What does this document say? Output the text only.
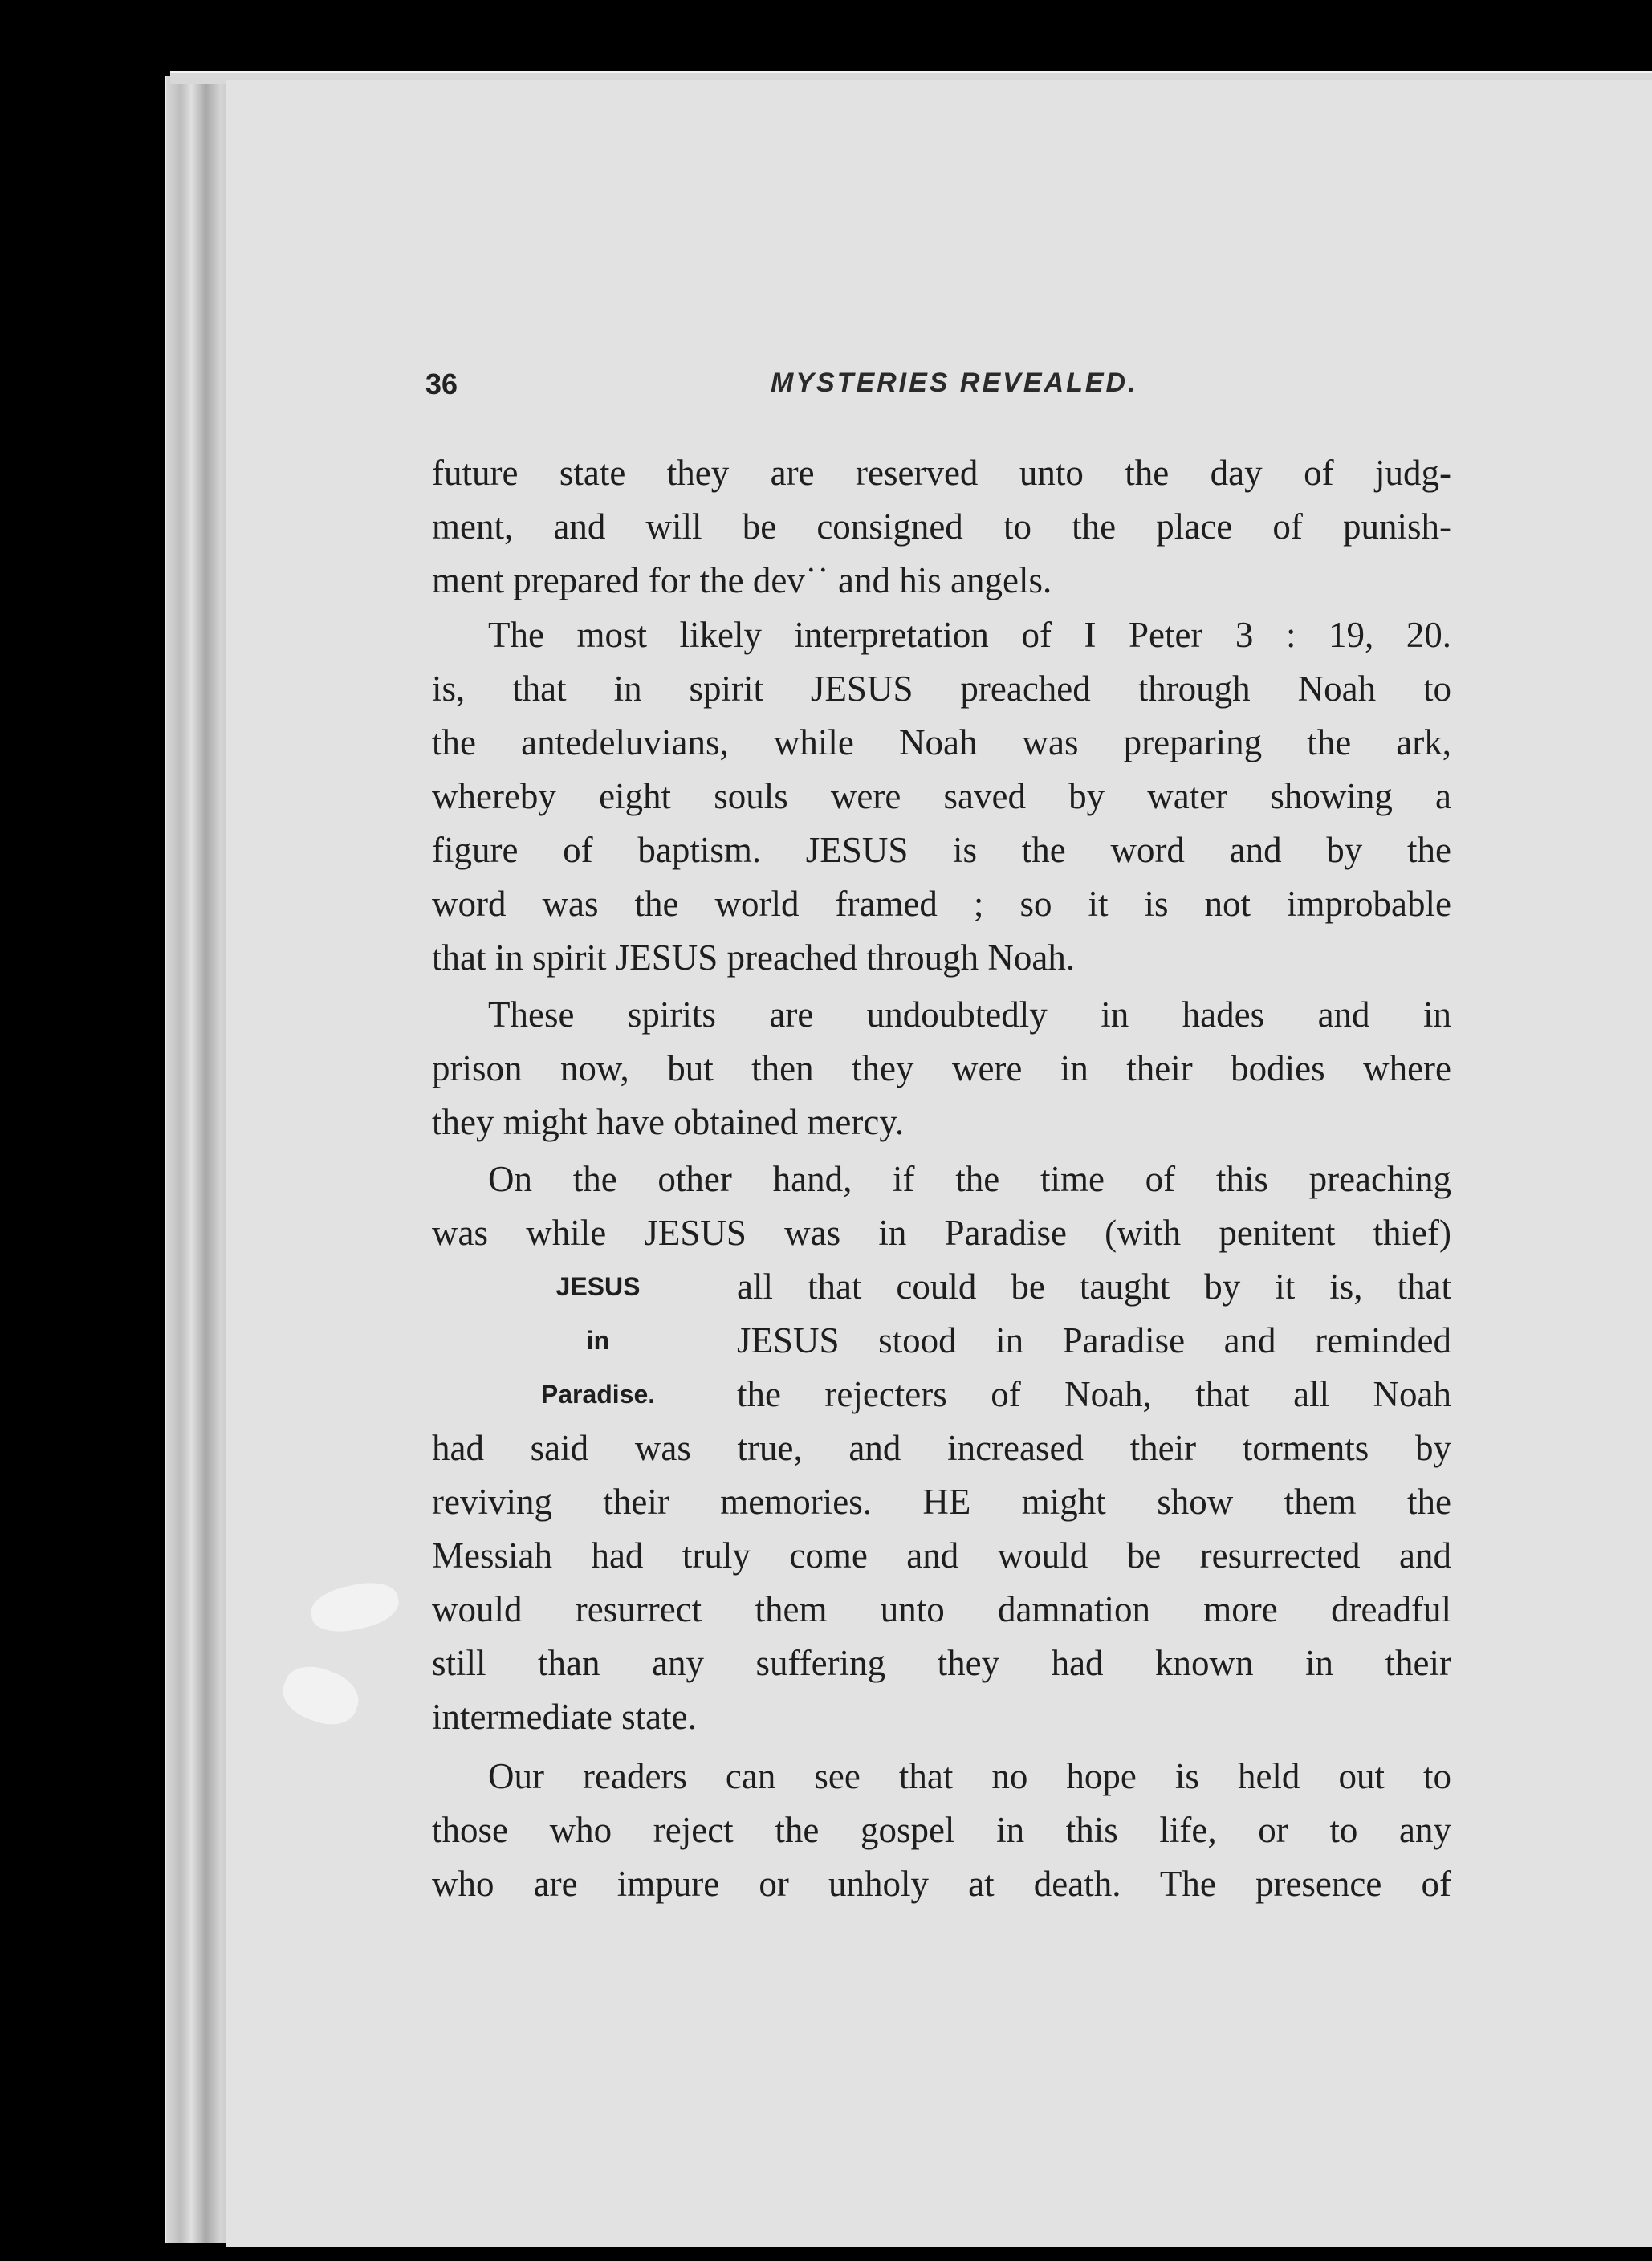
36	MYSTERIES REVEALED.
future state they are reserved unto the day of judg-
ment, and will be consigned to the place of punish-
ment prepared for the dev˙˙ and his angels.
The most likely interpretation of I Peter 3 : 19, 20.
is, that in spirit JESUS preached through Noah to
the antedeluvians, while Noah was preparing the ark,
whereby eight souls were saved by water showing a
figure of baptism. JESUS is the word and by the
word was the world framed ; so it is not improbable
that in spirit JESUS preached through Noah.
These spirits are undoubtedly in hades and in
prison now, but then they were in their bodies where
they might have obtained mercy.
On the other hand, if the time of this preaching
was while JESUS was in Paradise (with penitent thief)
JESUS
in
Paradise.
all that could be taught by it is, that
JESUS stood in Paradise and reminded
the rejecters of Noah, that all Noah
had said was true, and increased their torments by
reviving their memories. HE might show them the
Messiah had truly come and would be resurrected and
would resurrect them unto damnation more dreadful
still than any suffering they had known in their
intermediate state.
Our readers can see that no hope is held out to
those who reject the gospel in this life, or to any
who are impure or unholy at death. The presence of
